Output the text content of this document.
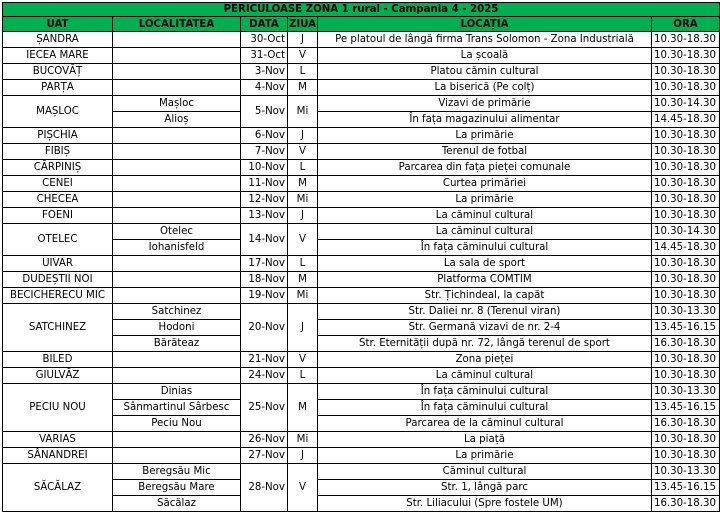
PERICULOASE ZONA 1 rural - Campania 4 - 2025					
UAT	LOCALITATEA	DATA	ZIUA	LOCAȚIA	ORA
ȘANDRA		30-Oct	J	Pe platoul de lângă firma Trans Solomon - Zona Industrială	10.30-18.30
IECEA MARE		31-Oct	V	La școală	10.30-18.30
BUCOVĂȚ		3-Nov	L	Platou cămin cultural	10.30-18.30
PARȚA		4-Nov	M	La biserică (Pe colț)	10.30-18.30
MAȘLOC	Mașloc	5-Nov	Mi	Vizavi de primărie	10.30-14.30
	Alioș			În fața magazinului alimentar	14.45-18.30
PIȘCHIA		6-Nov	J	La primărie	10.30-18.30
FIBIȘ		7-Nov	V	Terenul de fotbal	10.30-18.30
CĂRPINIȘ		10-Nov	L	Parcarea din fața pieței comunale	10.30-18.30
CENEI		11-Nov	M	Curtea primăriei	10.30-18.30
CHECEA		12-Nov	Mi	La primărie	10.30-18.30
FOENI		13-Nov	J	La căminul cultural	10.30-18.30
OTELEC	Otelec	14-Nov	V	La căminul cultural	10.30-14.30
	Iohanisfeld			În fața căminului cultural	14.45-18.30
UIVAR		17-Nov	L	La sala de sport	10.30-18.30
DUDEȘTII NOI		18-Nov	M	Platforma COMTIM	10.30-18.30
BECICHERECU MIC		19-Nov	Mi	Str. Țichindeal, la capăt	10.30-18.30
SATCHINEZ	Satchinez	20-Nov	J	Str. Daliei nr. 8 (Terenul viran)	10.30-13.30
	Hodoni			Str. Germană vizavi de nr. 2-4	13.45-16.15
	Bărăteaz			Str. Eternității după nr. 72, lângă terenul de sport	16.30-18.30
BILED		21-Nov	V	Zona pieței	10.30-18.30
GIULVĂZ		24-Nov	L	La căminul cultural	10.30-18.30
PECIU NOU	Dinias	25-Nov	M	În fața căminului cultural	10.30-13.30
	Sânmartinul Sârbesc			În fața căminului cultural	13.45-16.15
	Peciu Nou			Parcarea de la căminul cultural	16.30-18.30
VARIAS		26-Nov	Mi	La piață	10.30-18.30
SÂNANDREI		27-Nov	J	La primărie	10.30-18.30
SĂCĂLAZ	Beregsău Mic	28-Nov	V	Căminul cultural	10.30-13.30
	Beregsău Mare			Str. 1, lângă parc	13.45-16.15
	Săcălaz			Str. Liliacului (Spre fostele UM)	16.30-18.30
